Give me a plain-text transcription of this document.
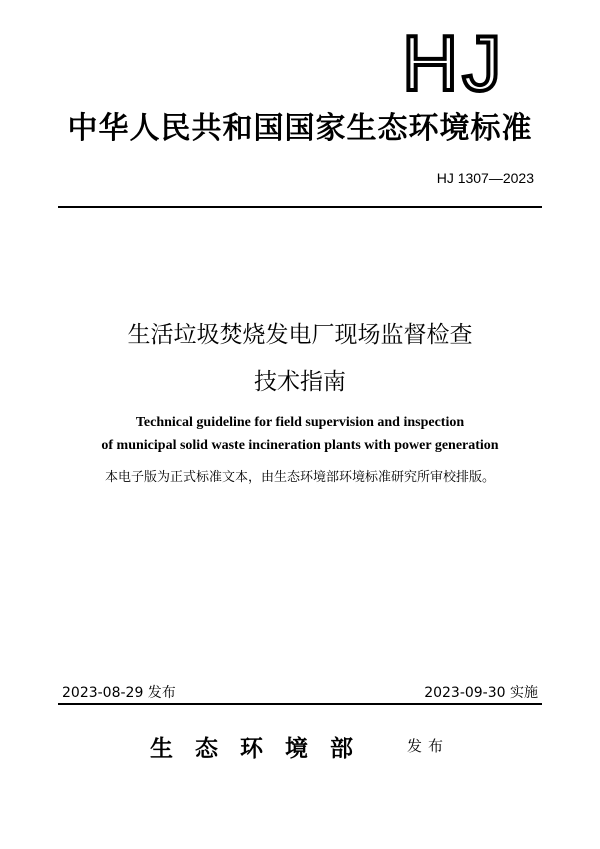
HJ
中华人民共和国国家生态环境标准
HJ 1307—2023
生活垃圾焚烧发电厂现场监督检查
技术指南
Technical guideline for field supervision and inspection
of municipal solid waste incineration plants with power generation
本电子版为正式标准文本，由生态环境部环境标准研究所审校排版。
2023-08-29 发布	2023-09-30 实施
生态环境部 发布
